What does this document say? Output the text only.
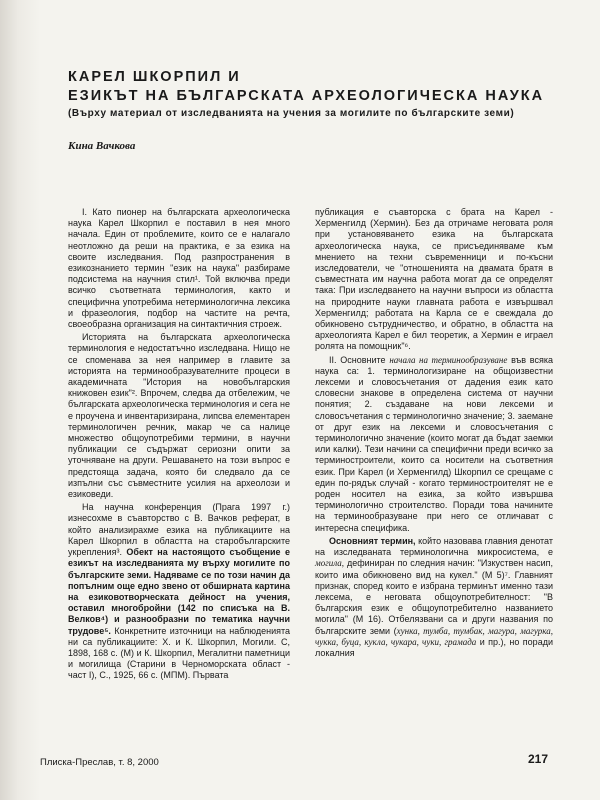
КАРЕЛ ШКОРПИЛ И
ЕЗИКЪТ НА БЪЛГАРСКАТА АРХЕОЛОГИЧЕСКА НАУКА
(Върху материал от изследванията на учения за могилите по българските земи)
Кина Вачкова

I. Като пионер на българската археологическа наука Карел Шкорпил е поставил в нея много начала. Един от проблемите, които се е налагало неотложно да реши на практика, е за езика на своите изследвания. Под разпространения в езикознанието термин "език на наука" разбираме подсистема на научния стил¹. Той включва преди всичко съответната терминология, както и специфична употребима нетерминологична лексика и фразеология, подбор на частите на речта, своеобразна организация на синтактичния строеж.

Историята на българската археологическа терминология е недостатъчно изследвана. Нищо не се споменава за нея например в главите за историята на терминообразувателните процеси в академичната "История на новобългарския книжовен език"². Впрочем, следва да отбележим, че българската археологическа терминология и сега не е проучена и инвентаризирана, липсва елементарен терминологичен речник, макар че са налице множество общоупотребими термини, в научни публикации се съдържат сериозни опити за уточняване на други. Решаването на този въпрос е предстояща задача, която би следвало да се изпълни със съвместните усилия на археолози и езиковеди.

На научна конференция (Прага 1997 г.) изнесохме в съавторство с В. Вачков реферат, в който анализирахме езика на публикациите на Карел Шкорпил в областта на старобългарските укрепления³. Обект на настоящото съобщение е езикът на изследванията му върху могилите по българските земи. Надяваме се по този начин да попълним още едно звено от обширната картина на езиковотворческата дейност на учения, оставил многобройни (142 по списъка на В. Велков⁴) и разнообразни по тематика научни трудове⁵. Конкретните източници на наблюденията ни са публикациите: Х. и К. Шкорпил, Могили. С, 1898, 168 с. (М) и К. Шкорпил, Мегалитни паметници и могилища (Старини в Черноморската област - част I), С., 1925, 66 с. (МПМ). Първата

публикация е съавторска с брата на Карел - Херменгилд (Хермин). Без да отричаме неговата роля при установяването езика на българската археологическа наука, се присъединяваме към мнението на техни съвременници и по-късни изследователи, че "отношенията на двамата братя в съвместната им научна работа могат да се определят така: При изследването на научни въпроси из областта на природните науки главната работа е извършвал Херменгилд; работата на Карла се е свеждала до обикновено сътрудничество, и обратно, в областта на археологията Карел е бил теоретик, а Хермин е играел ролята на помощник"⁶.

II. Основните начала на терминообразуване във всяка наука са: 1. терминологизиране на общоизвестни лексеми и словосъчетания от дадения език като словесни знакове в определена система от научни понятия; 2. създаване на нови лексеми и словосъчетания с терминологично значение; 3. заемане от друг език на лексеми и словосъчетания с терминологично значение (които могат да бъдат заемки или калки). Тези начини са специфични преди всичко за терминостроители, които са носители на съответния език. При Карел (и Херменгилд) Шкорпил се срещаме с един по-рядък случай - когато терминостроителят не е роден носител на езика, за който извършва терминологично строителство. Поради това начините на терминообразуване при него се отличават с интересна специфика.

Основният термин, който назовава главния денотат на изследваната терминологична микросистема, е могила, дефиниран по следния начин: "Изкуствен насип, които има обикновено вид на кукел." (М 5)⁷. Главният признак, според които е избрана терминът именно тази лексема, е неговата общоупотребителност: "В българския език е общоупотребително названието могила" (М 16). Отбелязвани са и други названия по българските земи (хунка, тумба, тумбак, магура, магурка, чукка, буца, кукла, чукара, чуки, грамада и пр.), но поради локалния

Плиска-Преслав, т. 8, 2000	217
